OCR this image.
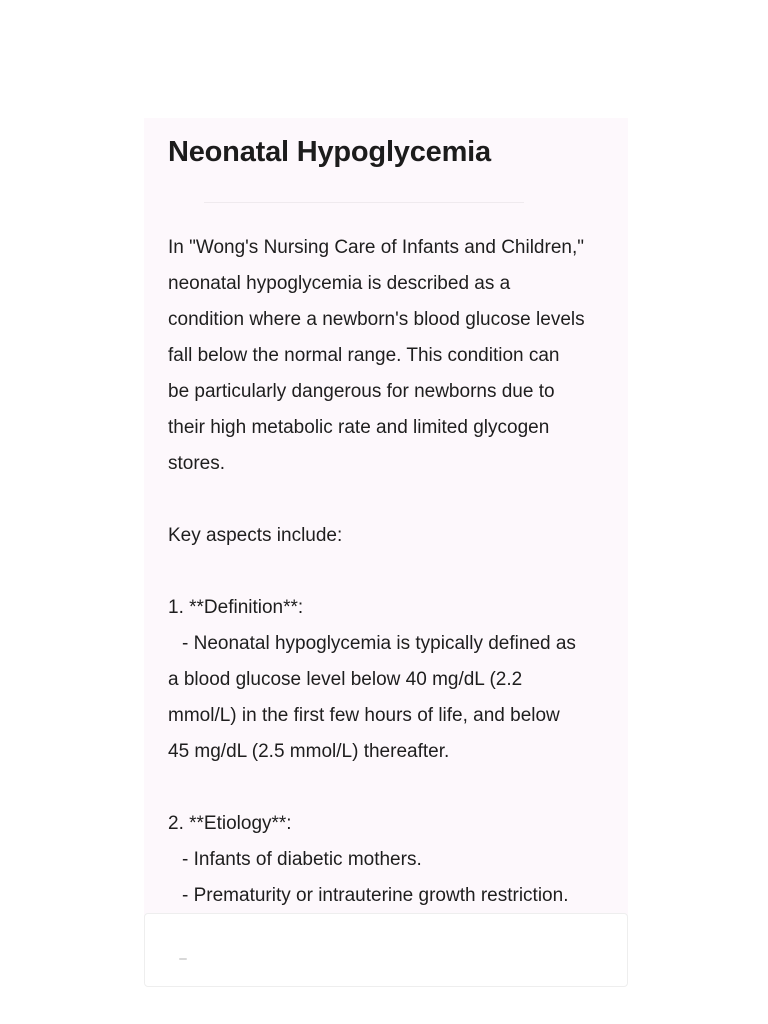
Neonatal Hypoglycemia
In "Wong's Nursing Care of Infants and Children,"
neonatal hypoglycemia is described as a
condition where a newborn's blood glucose levels
fall below the normal range. This condition can
be particularly dangerous for newborns due to
their high metabolic rate and limited glycogen
stores.
Key aspects include:
1. **Definition**:
- Neonatal hypoglycemia is typically defined as
a blood glucose level below 40 mg/dL (2.2
mmol/L) in the first few hours of life, and below
45 mg/dL (2.5 mmol/L) thereafter.
2. **Etiology**:
- Infants of diabetic mothers.
- Prematurity or intrauterine growth restriction.
